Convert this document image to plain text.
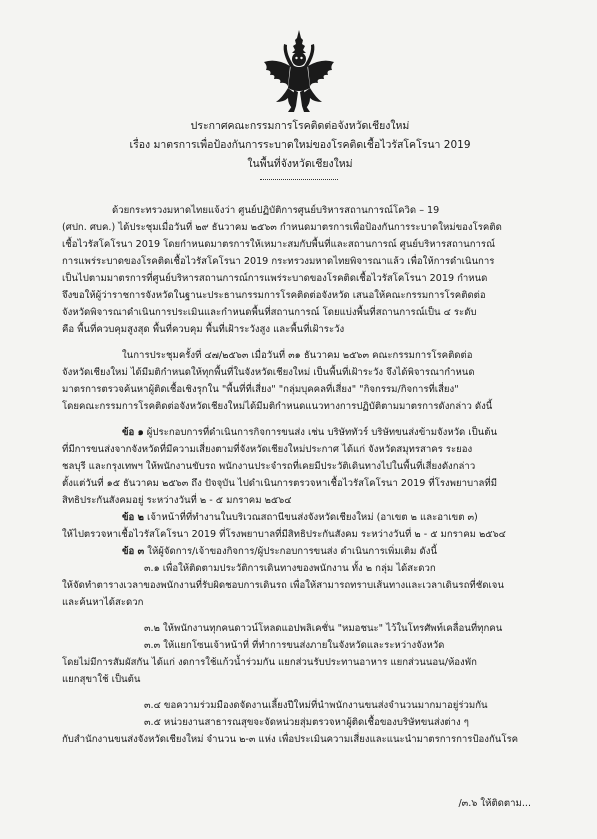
ประกาศคณะกรรมการโรคติดต่อจังหวัดเชียงใหม่
เรื่อง มาตรการเพื่อป้องกันการระบาดใหม่ของโรคติดเชื้อไวรัสโคโรนา 2019
ในพื้นที่จังหวัดเชียงใหม่

ด้วยกระทรวงมหาดไทยแจ้งว่า ศูนย์ปฏิบัติการศูนย์บริหารสถานการณ์โควิด – 19

(ศปก. ศบค.) ได้ประชุมเมื่อวันที่ ๒๙ ธันวาคม ๒๕๖๓ กำหนดมาตรการเพื่อป้องกันการระบาดใหม่ของโรคติด

เชื้อไวรัสโคโรนา 2019 โดยกำหนดมาตรการให้เหมาะสมกับพื้นที่และสถานการณ์ ศูนย์บริหารสถานการณ์

การแพร่ระบาดของโรคติดเชื้อไวรัสโคโรนา 2019 กระทรวงมหาดไทยพิจารณาแล้ว เพื่อให้การดำเนินการ

เป็นไปตามมาตรการที่ศูนย์บริหารสถานการณ์การแพร่ระบาดของโรคติดเชื้อไวรัสโคโรนา 2019 กำหนด

จึงขอให้ผู้ว่าราชการจังหวัดในฐานะประธานกรรมการโรคติดต่อจังหวัด เสนอให้คณะกรรมการโรคติดต่อ

จังหวัดพิจารณาดำเนินการประเมินและกำหนดพื้นที่สถานการณ์ โดยแบ่งพื้นที่สถานการณ์เป็น ๔ ระดับ

คือ พื้นที่ควบคุมสูงสุด พื้นที่ควบคุม พื้นที่เฝ้าระวังสูง และพื้นที่เฝ้าระวัง

ในการประชุมครั้งที่ ๔๗/๒๕๖๓ เมื่อวันที่ ๓๑ ธันวาคม ๒๕๖๓ คณะกรรมการโรคติดต่อ

จังหวัดเชียงใหม่ ได้มีมติกำหนดให้ทุกพื้นที่ในจังหวัดเชียงใหม่ เป็นพื้นที่เฝ้าระวัง จึงได้พิจารณากำหนด

มาตรการตรวจค้นหาผู้ติดเชื้อเชิงรุกใน "พื้นที่ที่เสี่ยง" "กลุ่มบุคคลที่เสี่ยง" "กิจกรรม/กิจการที่เสี่ยง"

โดยคณะกรรมการโรคติดต่อจังหวัดเชียงใหม่ได้มีมติกำหนดแนวทางการปฏิบัติตามมาตรการดังกล่าว ดังนี้

ข้อ ๑ ผู้ประกอบการที่ดำเนินการกิจการขนส่ง เช่น บริษัททัวร์ บริษัทขนส่งข้ามจังหวัด เป็นต้น

ที่มีการขนส่งจากจังหวัดที่มีความเสี่ยงตามที่จังหวัดเชียงใหม่ประกาศ ได้แก่ จังหวัดสมุทรสาคร ระยอง

ชลบุรี และกรุงเทพฯ ให้พนักงานขับรถ พนักงานประจำรถที่เคยมีประวัติเดินทางไปในพื้นที่เสี่ยงดังกล่าว

ตั้งแต่วันที่ ๑๕ ธันวาคม ๒๕๖๓ ถึง ปัจจุบัน ไปดำเนินการตรวจหาเชื้อไวรัสโคโรนา 2019 ที่โรงพยาบาลที่มี

สิทธิประกันสังคมอยู่ ระหว่างวันที่ ๒ - ๕ มกราคม ๒๕๖๔

ข้อ ๒ เจ้าหน้าที่ที่ทำงานในบริเวณสถานีขนส่งจังหวัดเชียงใหม่ (อาเขต ๒ และอาเขต ๓)

ให้ไปตรวจหาเชื้อไวรัสโคโรนา 2019 ที่โรงพยาบาลที่มีสิทธิประกันสังคม ระหว่างวันที่ ๒ - ๕ มกราคม ๒๕๖๔

ข้อ ๓ ให้ผู้จัดการ/เจ้าของกิจการ/ผู้ประกอบการขนส่ง ดำเนินการเพิ่มเติม ดังนี้

๓.๑ เพื่อให้ติดตามประวัติการเดินทางของพนักงาน ทั้ง ๒ กลุ่ม ได้สะดวก

ให้จัดทำตารางเวลาของพนักงานที่รับผิดชอบการเดินรถ เพื่อให้สามารถทราบเส้นทางและเวลาเดินรถที่ชัดเจน

และค้นหาได้สะดวก

๓.๒ ให้พนักงานทุกคนดาวน์โหลดแอปพลิเคชั่น "หมอชนะ" ไว้ในโทรศัพท์เคลื่อนที่ทุกคน

๓.๓ ให้แยกโซนเจ้าหน้าที่ ที่ทำการขนส่งภายในจังหวัดและระหว่างจังหวัด

โดยไม่มีการสัมผัสกัน ได้แก่ งดการใช้แก้วน้ำร่วมกัน แยกส่วนรับประทานอาหาร แยกส่วนนอน/ห้องพัก

แยกสุขาใช้ เป็นต้น

๓.๔ ขอความร่วมมืองดจัดงานเลี้ยงปีใหม่ที่นำพนักงานขนส่งจำนวนมากมาอยู่ร่วมกัน

๓.๕ หน่วยงานสาธารณสุขจะจัดหน่วยสุ่มตรวจหาผู้ติดเชื้อของบริษัทขนส่งต่าง ๆ

กับสำนักงานขนส่งจังหวัดเชียงใหม่ จำนวน ๒-๓ แห่ง เพื่อประเมินความเสี่ยงและแนะนำมาตรการการป้องกันโรค

/๓.๖ ให้ติดตาม...
